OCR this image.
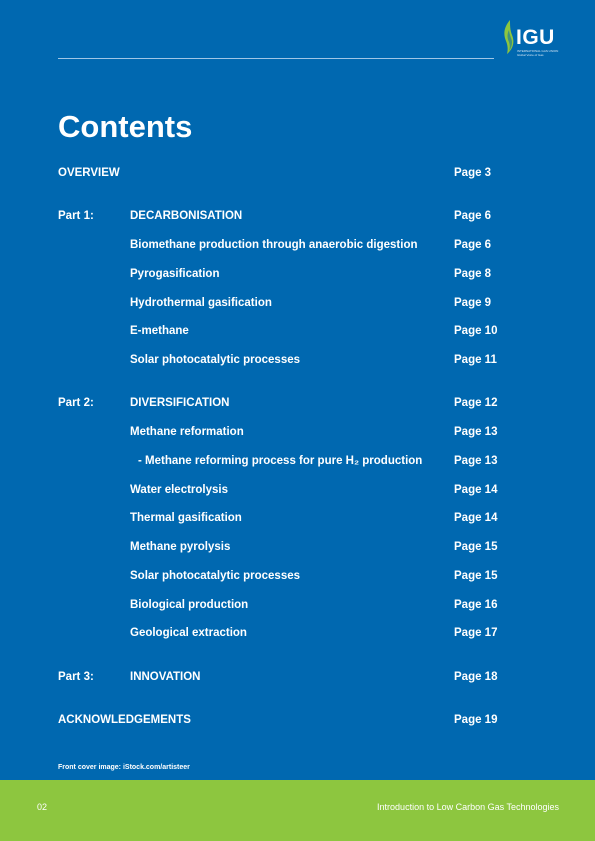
IGU
INTERNATIONAL GAS UNION
Global Voice of Gas
Contents
OVERVIEW	Page 3
Part 1:	DECARBONISATION	Page 6
Biomethane production through anaerobic digestion	Page 6
Pyrogasification	Page 8
Hydrothermal gasification	Page 9
E-methane	Page 10
Solar photocatalytic processes	Page 11
Part 2:	DIVERSIFICATION	Page 12
Methane reformation	Page 13
- Methane reforming process for pure H₂ production	Page 13
Water electrolysis	Page 14
Thermal gasification	Page 14
Methane pyrolysis	Page 15
Solar photocatalytic processes	Page 15
Biological production	Page 16
Geological extraction	Page 17
Part 3:	INNOVATION	Page 18
ACKNOWLEDGEMENTS	Page 19
Front cover image: iStock.com/artisteer
02	Introduction to Low Carbon Gas Technologies
